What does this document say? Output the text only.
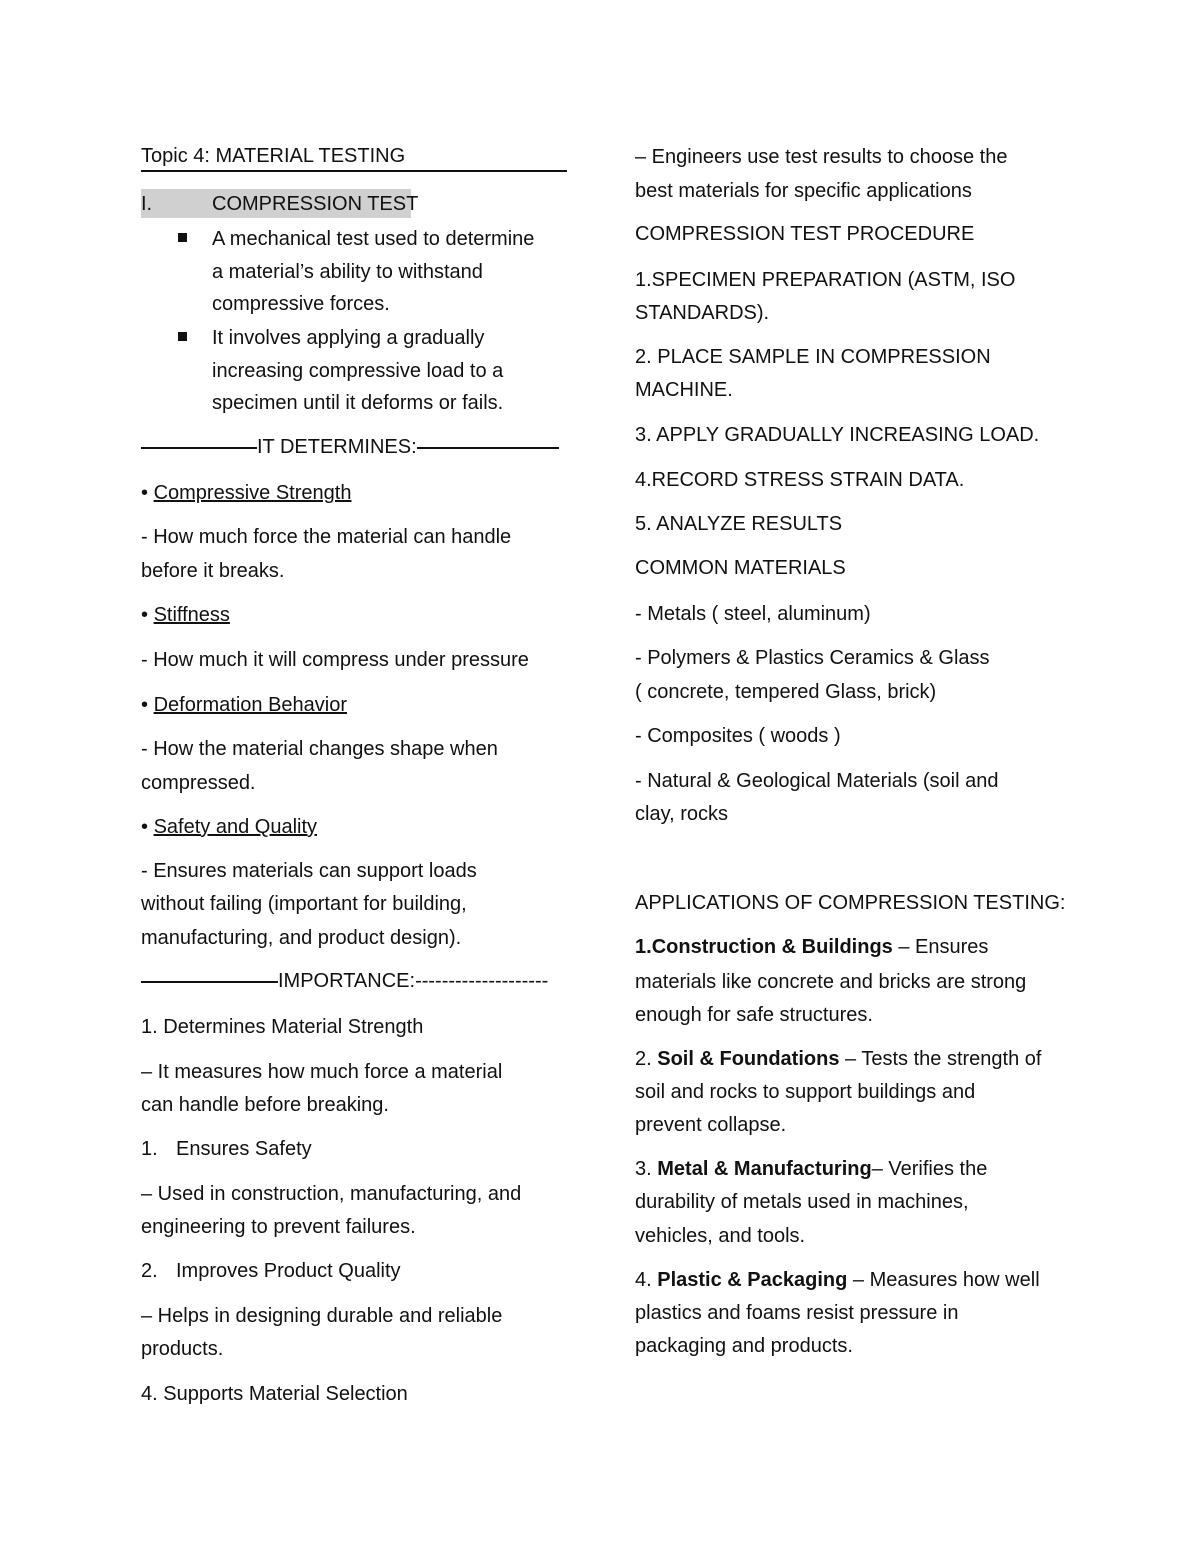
Topic 4: MATERIAL TESTING
I.	COMPRESSION TEST
A mechanical test used to determine
a material’s ability to withstand
compressive forces.
It involves applying a gradually
increasing compressive load to a
specimen until it deforms or fails.
IT DETERMINES:
• Compressive Strength
- How much force the material can handle
before it breaks.
• Stiffness
- How much it will compress under pressure
• Deformation Behavior
- How the material changes shape when
compressed.
• Safety and Quality
- Ensures materials can support loads
without failing (important for building,
manufacturing, and product design).
IMPORTANCE:--------------------
1. Determines Material Strength
– It measures how much force a material
can handle before breaking.
1. Ensures Safety
– Used in construction, manufacturing, and
engineering to prevent failures.
2. Improves Product Quality
– Helps in designing durable and reliable
products.
4. Supports Material Selection
– Engineers use test results to choose the
best materials for specific applications
COMPRESSION TEST PROCEDURE
1.SPECIMEN PREPARATION (ASTM, ISO
STANDARDS).
2. PLACE SAMPLE IN COMPRESSION
MACHINE.
3. APPLY GRADUALLY INCREASING LOAD.
4.RECORD STRESS STRAIN DATA.
5. ANALYZE RESULTS
COMMON MATERIALS
- Metals ( steel, aluminum)
- Polymers & Plastics Ceramics & Glass
( concrete, tempered Glass, brick)
- Composites ( woods )
- Natural & Geological Materials (soil and
clay, rocks
APPLICATIONS OF COMPRESSION TESTING:
1.Construction & Buildings – Ensures
materials like concrete and bricks are strong
enough for safe structures.
2. Soil & Foundations – Tests the strength of
soil and rocks to support buildings and
prevent collapse.
3. Metal & Manufacturing– Verifies the
durability of metals used in machines,
vehicles, and tools.
4. Plastic & Packaging – Measures how well
plastics and foams resist pressure in
packaging and products.
